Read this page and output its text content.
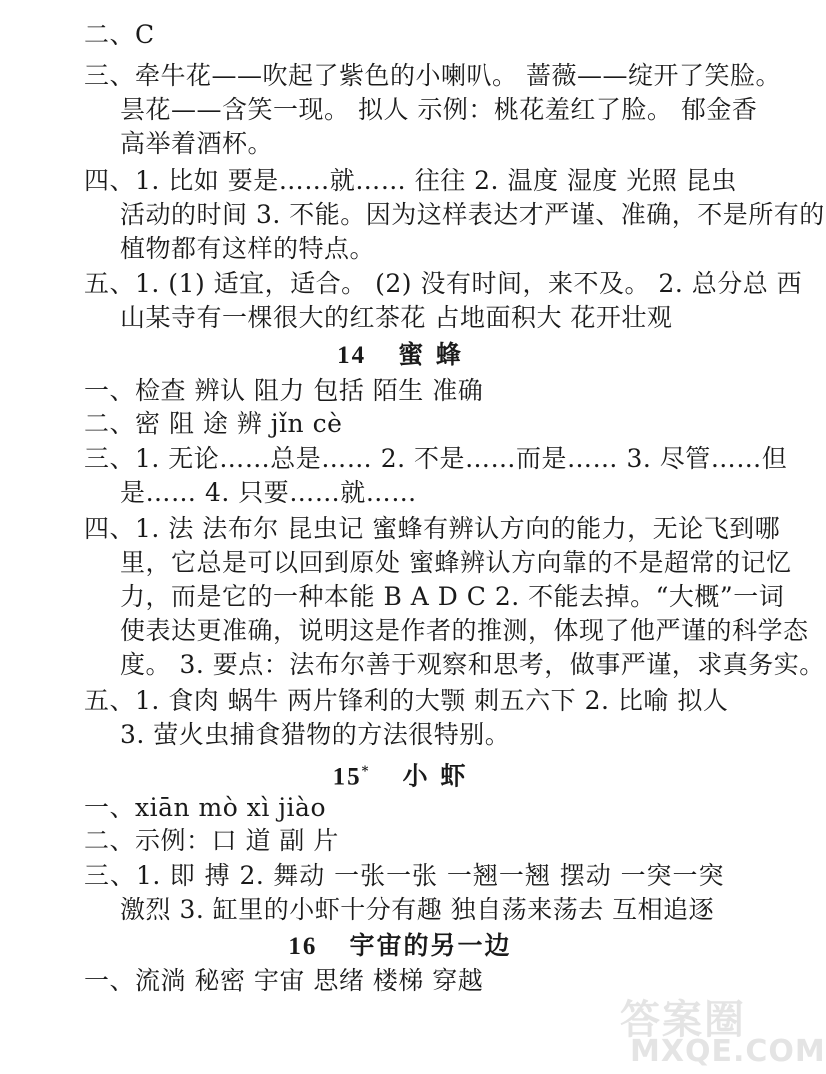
二、C
三、牵牛花——吹起了紫色的小喇叭。 蔷薇——绽开了笑脸。
昙花——含笑一现。 拟人 示例：桃花羞红了脸。 郁金香
高举着酒杯。
四、1. 比如 要是……就…… 往往 2. 温度 湿度 光照 昆虫
活动的时间 3. 不能。因为这样表达才严谨、准确，不是所有的
植物都有这样的特点。
五、1. (1) 适宜，适合。 (2) 没有时间，来不及。 2. 总分总 西
山某寺有一棵很大的红茶花 占地面积大 花开壮观
14 蜜 蜂
一、检查 辨认 阻力 包括 陌生 准确
二、密 阻 途 辨 jǐn cè
三、1. 无论……总是…… 2. 不是……而是…… 3. 尽管……但
是…… 4. 只要……就……
四、1. 法 法布尔 昆虫记 蜜蜂有辨认方向的能力，无论飞到哪
里，它总是可以回到原处 蜜蜂辨认方向靠的不是超常的记忆
力，而是它的一种本能 B A D C 2. 不能去掉。“大概”一词
使表达更准确，说明这是作者的推测，体现了他严谨的科学态
度。 3. 要点：法布尔善于观察和思考，做事严谨，求真务实。
五、1. 食肉 蜗牛 两片锋利的大颚 刺五六下 2. 比喻 拟人
3. 萤火虫捕食猎物的方法很特别。
15* 小 虾
一、xiān mò xì jiào
二、示例：口 道 副 片
三、1. 即 搏 2. 舞动 一张一张 一翘一翘 摆动 一突一突
激烈 3. 缸里的小虾十分有趣 独自荡来荡去 互相追逐
16 宇宙的另一边
一、流淌 秘密 宇宙 思绪 楼梯 穿越
答案圈
MXQE.COM
